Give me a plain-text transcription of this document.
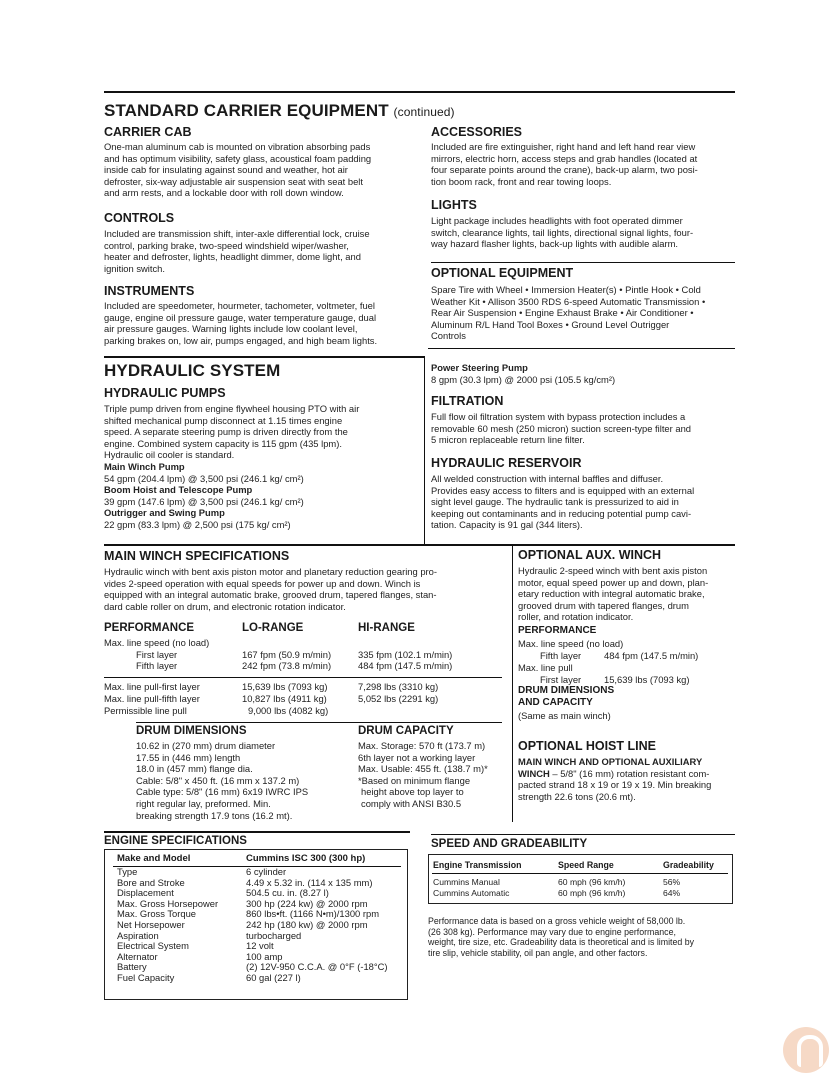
STANDARD CARRIER EQUIPMENT (continued)
CARRIER CAB
One-man aluminum cab is mounted on vibration absorbing pads
and has optimum visibility, safety glass, acoustical foam padding
inside cab for insulating against sound and weather, hot air
defroster, six-way adjustable air suspension seat with seat belt
and arm rests, and a lockable door with roll down window.
CONTROLS
Included are transmission shift, inter-axle differential lock, cruise
control, parking brake, two-speed windshield wiper/washer,
heater and defroster, lights, headlight dimmer, dome light, and
ignition switch.
INSTRUMENTS
Included are speedometer, hourmeter, tachometer, voltmeter, fuel
gauge, engine oil pressure gauge, water temperature gauge, dual
air pressure gauges. Warning lights include low coolant level,
parking brakes on, low air, pumps engaged, and high beam lights.
ACCESSORIES
Included are fire extinguisher, right hand and left hand rear view
mirrors, electric horn, access steps and grab handles (located at
four separate points around the crane), back-up alarm, two posi-
tion boom rack, front and rear towing loops.
LIGHTS
Light package includes headlights with foot operated dimmer
switch, clearance lights, tail lights, directional signal lights, four-
way hazard flasher lights, back-up lights with audible alarm.
OPTIONAL EQUIPMENT
Spare Tire with Wheel • Immersion Heater(s) • Pintle Hook • Cold
Weather Kit • Allison 3500 RDS 6-speed Automatic Transmission •
Rear Air Suspension • Engine Exhaust Brake • Air Conditioner •
Aluminum R/L Hand Tool Boxes • Ground Level Outrigger
Controls
HYDRAULIC SYSTEM
HYDRAULIC PUMPS
Triple pump driven from engine flywheel housing PTO with air
shifted mechanical pump disconnect at 1.15 times engine
speed. A separate steering pump is driven directly from the
engine. Combined system capacity is 115 gpm (435 lpm).
Hydraulic oil cooler is standard.
Main Winch Pump
54 gpm (204.4 lpm) @ 3,500 psi (246.1 kg/ cm²)
Boom Hoist and Telescope Pump
39 gpm (147.6 lpm) @ 3,500 psi (246.1 kg/ cm²)
Outrigger and Swing Pump
22 gpm (83.3 lpm) @ 2,500 psi (175 kg/ cm²)
Power Steering Pump
8 gpm (30.3 lpm) @ 2000 psi (105.5 kg/cm²)
FILTRATION
Full flow oil filtration system with bypass protection includes a
removable 60 mesh (250 micron) suction screen-type filter and
5 micron replaceable return line filter.
HYDRAULIC RESERVOIR
All welded construction with internal baffles and diffuser.
Provides easy access to filters and is equipped with an external
sight level gauge. The hydraulic tank is pressurized to aid in
keeping out contaminants and in reducing potential pump cavi-
tation. Capacity is 91 gal (344 liters).
MAIN WINCH SPECIFICATIONS
Hydraulic winch with bent axis piston motor and planetary reduction gearing pro-
vides 2-speed operation with equal speeds for power up and down. Winch is
equipped with an integral automatic brake, grooved drum, tapered flanges, stan-
dard cable roller on drum, and electronic rotation indicator.
PERFORMANCE	LO-RANGE	HI-RANGE
Max. line speed (no load)
First layer	167 fpm (50.9 m/min)	335 fpm (102.1 m/min)
Fifth layer	242 fpm (73.8 m/min)	484 fpm (147.5 m/min)
Max. line pull-first layer	15,639 lbs (7093 kg)	7,298 lbs (3310 kg)
Max. line pull-fifth layer	10,827 lbs (4911 kg)	5,052 lbs (2291 kg)
Permissible line pull	9,000 lbs (4082 kg)
DRUM DIMENSIONS	DRUM CAPACITY
10.62 in (270 mm) drum diameter
17.55 in (446 mm) length
18.0 in (457 mm) flange dia.
Cable: 5/8" x 450 ft. (16 mm x 137.2 m)
Cable type: 5/8" (16 mm) 6x19 IWRC IPS
right regular lay, preformed. Min.
breaking strength 17.9 tons (16.2 mt).
Max. Storage: 570 ft (173.7 m)
6th layer not a working layer
Max. Usable: 455 ft. (138.7 m)*
*Based on minimum flange
height above top layer to
comply with ANSI B30.5
OPTIONAL AUX. WINCH
Hydraulic 2-speed winch with bent axis piston
motor, equal speed power up and down, plan-
etary reduction with integral automatic brake,
grooved drum with tapered flanges, drum
roller, and rotation indicator.
PERFORMANCE
Max. line speed (no load)
Fifth layer 484 fpm (147.5 m/min)
Max. line pull
First layer 15,639 lbs (7093 kg)
DRUM DIMENSIONS
AND CAPACITY
(Same as main winch)
OPTIONAL HOIST LINE
MAIN WINCH AND OPTIONAL AUXILIARY
WINCH – 5/8" (16 mm) rotation resistant com-
pacted strand 18 x 19 or 19 x 19. Min breaking
strength 22.6 tons (20.6 mt).
ENGINE SPECIFICATIONS
Make and Model	Cummins ISC 300 (300 hp)
Type	6 cylinder
Bore and Stroke	4.49 x 5.32 in. (114 x 135 mm)
Displacement	504.5 cu. in. (8.27 l)
Max. Gross Horsepower	300 hp (224 kw) @ 2000 rpm
Max. Gross Torque	860 lbs•ft. (1166 N•m)/1300 rpm
Net Horsepower	242 hp (180 kw) @ 2000 rpm
Aspiration	turbocharged
Electrical System	12 volt
Alternator	100 amp
Battery	(2) 12V-950 C.C.A. @ 0°F (-18°C)
Fuel Capacity	60 gal (227 l)
SPEED AND GRADEABILITY
Engine Transmission	Speed Range	Gradeability
Cummins Manual	60 mph (96 km/h)	56%
Cummins Automatic	60 mph (96 km/h)	64%
Performance data is based on a gross vehicle weight of 58,000 lb.
(26 308 kg). Performance may vary due to engine performance,
weight, tire size, etc. Gradeability data is theoretical and is limited by
tire slip, vehicle stability, oil pan angle, and other factors.
